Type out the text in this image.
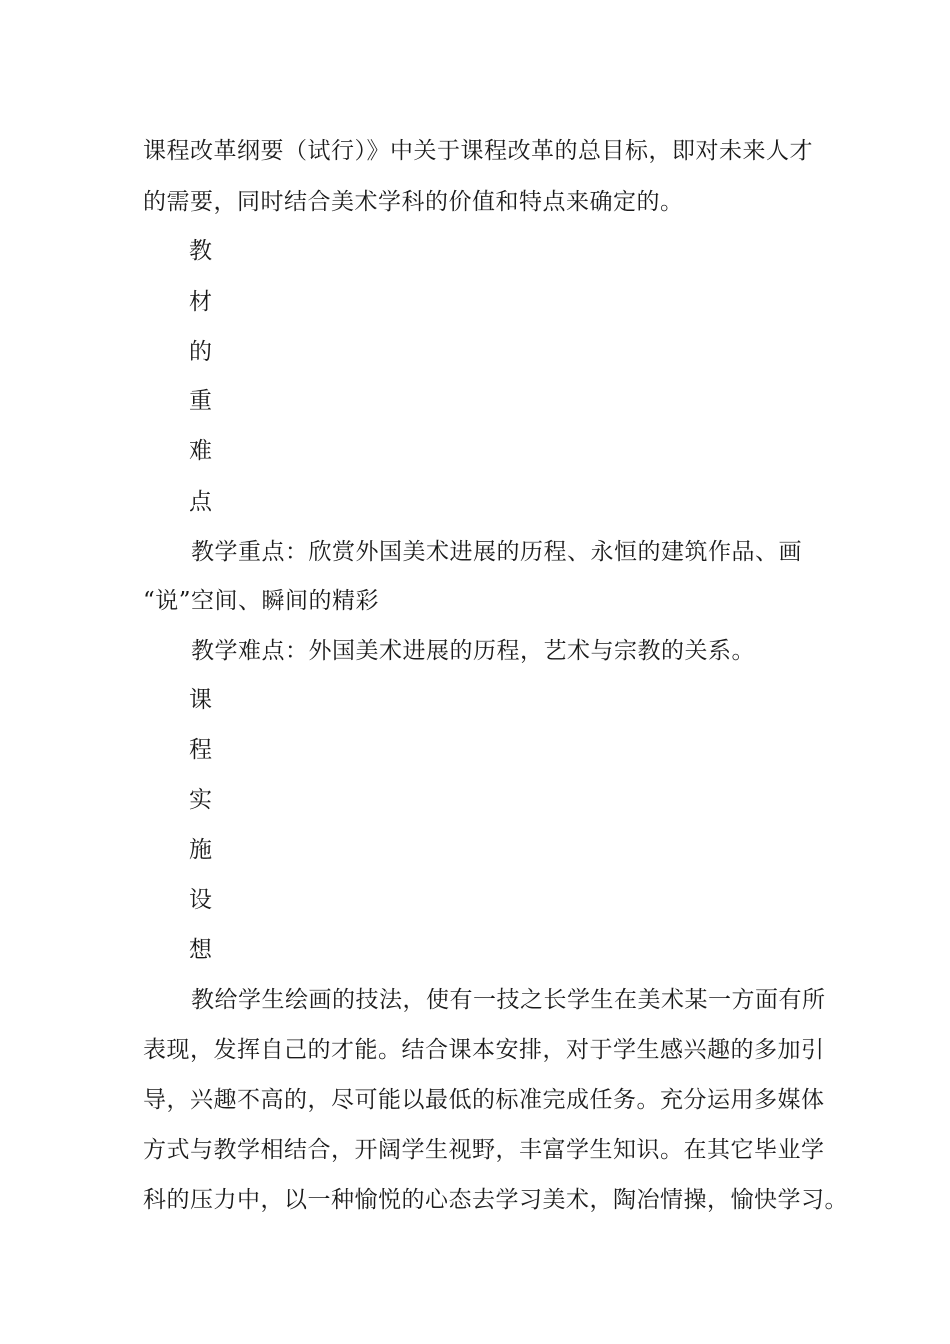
课程改革纲要（试行）》中关于课程改革的总目标，即对未来人才
的需要，同时结合美术学科的价值和特点来确定的。
教
材
的
重
难
点
教学重点：欣赏外国美术进展的历程、永恒的建筑作品、画
“说”空间、瞬间的精彩
教学难点：外国美术进展的历程，艺术与宗教的关系。
课
程
实
施
设
想
教给学生绘画的技法，使有一技之长学生在美术某一方面有所
表现，发挥自己的才能。结合课本安排，对于学生感兴趣的多加引
导，兴趣不高的，尽可能以最低的标准完成任务。充分运用多媒体
方式与教学相结合，开阔学生视野，丰富学生知识。在其它毕业学
科的压力中，以一种愉悦的心态去学习美术，陶冶情操，愉快学习。
